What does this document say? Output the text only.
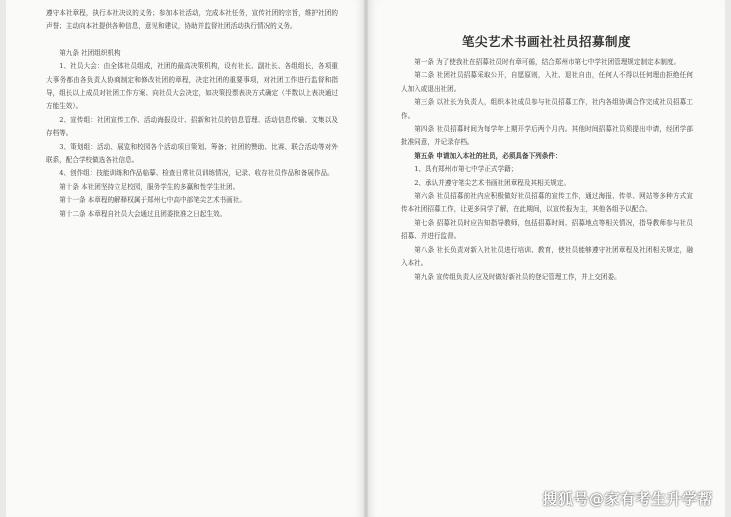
遵守本社章程，执行本社决议的义务；参加本社活动，完成本社任务，宣传社团的宗旨，维护社团的声誉；主动向本社提供各种信息，意见和建议，协助并监督社团活动执行情况的义务。

第九条 社团组织机构

1、社员大会：由全体社员组成，社团的最高决策机构，设有社长、副社长、各组组长，各项重大事务都由各负责人协商制定和修改社团的章程，决定社团的重要事项，对社团工作进行监督和指导，组长以上成员对社团工作方案、向社员大会决定，如决策投票表决方式确定（半数以上表决通过方能生效）。

2、宣传组：社团宣传工作、活动海报设计、招新和社员的信息管理、活动信息传输、文集以及存档等。

3、策划组：活动、展览和校园各个活动项目策划、筹备；社团的赞助、比赛、联合活动等对外联系，配合学校做选各社信息。

4、创作组：技能训练和作品临摹、检查日常社员训练情况，记录、收存社员作品和备展作品。

第十条 本社团坚持立足校园，服务学生的多赢和性学生社团。

第十一条 本章程的解释权属于郑州七中高中部笔尖艺术书画社。

第十二条 本章程自社员大会通过且团委批准之日起生效。

笔尖艺术书画社社员招募制度

第一条 为了使我社在招募社员时有章可循，结合郑州市第七中学社团管理规定制定本制度。

第二条 社团社员招募采取公开，自愿原则，入社、退社自由，任何人不得以任何理由拒绝任何人加入或退出社团。

第三条 以社长为负责人，组织本社成员参与社员招募工作，社内各组协调合作完成社员招募工作。

第四条 社员招募时间为每学年上期开学后两个月内。其他时间招募社员须提出申请，经团学部批准同意，并记录存档。

第五条 申请加入本社的社员，必须具备下列条件：

1、具有郑州市第七中学正式学籍；

2、承认并遵守笔尖艺术书画社团章程及其相关规定。

第六条 社员招募前社内应积极做好社员招募的宣传工作，通过海报、传单、网站等多种方式宣传本社团招募工作，让更多同学了解，在此期间，以宣传报为主，其他各组予以配合。

第七条 招募社员时应告知指导教师，包括招募时间、招募地点等相关情况，指导教师参与社员招募、并进行监督。

第八条 社长负责对新入社社员进行培训、教育，使社员能够遵守社团章程及社团相关规定，融入本社。

第九条 宣传组负责人应及时做好新社员的登记管理工作，并上交团委。

搜狐号@家有考生升学帮
